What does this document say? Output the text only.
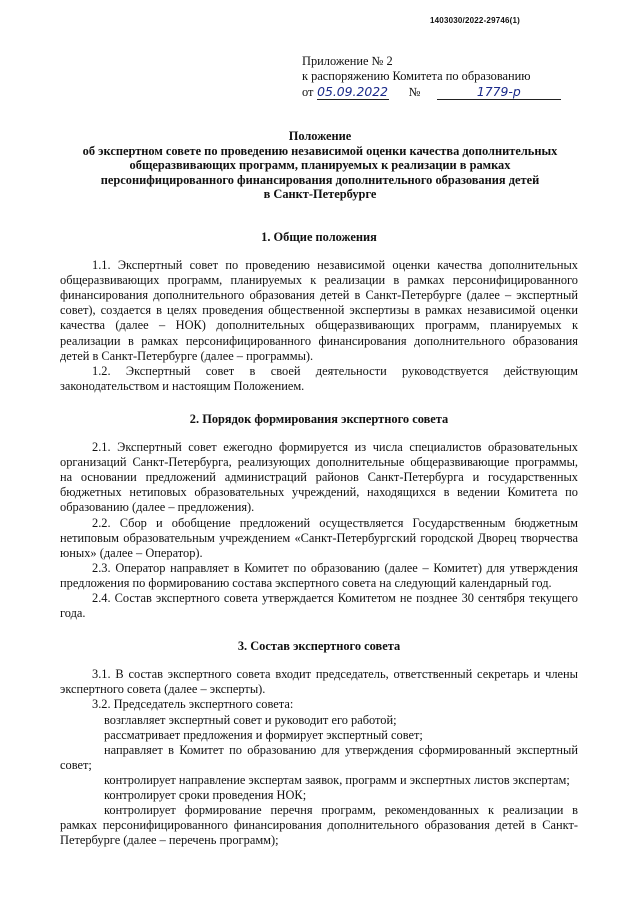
1403030/2022-29746(1)
Приложение № 2
к распоряжению Комитета по образованию
от 05.09.2022 №	1779-р
Положение
об экспертном совете по проведению независимой оценки качества дополнительных
общеразвивающих программ, планируемых к реализации в рамках
персонифицированного финансирования дополнительного образования детей
в Санкт-Петербурге
1. Общие положения

1.1. Экспертный совет по проведению независимой оценки качества дополнительных общеразвивающих программ, планируемых к реализации в рамках персонифицированного финансирования дополнительного образования детей в Санкт-Петербурге (далее – экспертный совет), создается в целях проведения общественной экспертизы в рамках независимой оценки качества (далее – НОК) дополнительных общеразвивающих программ, планируемых к реализации в рамках персонифицированного финансирования дополнительного образования детей в Санкт-Петербурге (далее – программы).

1.2. Экспертный совет в своей деятельности руководствуется действующим законодательством и настоящим Положением.

2. Порядок формирования экспертного совета

2.1. Экспертный совет ежегодно формируется из числа специалистов образовательных организаций Санкт-Петербурга, реализующих дополнительные общеразвивающие программы, на основании предложений администраций районов Санкт-Петербурга и государственных бюджетных нетиповых образовательных учреждений, находящихся в ведении Комитета по образованию (далее – предложения).

2.2. Сбор и обобщение предложений осуществляется Государственным бюджетным нетиповым образовательным учреждением «Санкт-Петербургский городской Дворец творчества юных» (далее – Оператор).

2.3. Оператор направляет в Комитет по образованию (далее – Комитет) для утверждения предложения по формированию состава экспертного совета на следующий календарный год.

2.4. Состав экспертного совета утверждается Комитетом не позднее 30 сентября текущего года.

3. Состав экспертного совета

3.1. В состав экспертного совета входит председатель, ответственный секретарь и члены экспертного совета (далее – эксперты).

3.2. Председатель экспертного совета:

возглавляет экспертный совет и руководит его работой;

рассматривает предложения и формирует экспертный совет;

направляет в Комитет по образованию для утверждения сформированный экспертный совет;

контролирует направление экспертам заявок, программ и экспертных листов экспертам;

контролирует сроки проведения НОК;

контролирует формирование перечня программ, рекомендованных к реализации в рамках персонифицированного финансирования дополнительного образования детей в Санкт-Петербурге (далее – перечень программ);
